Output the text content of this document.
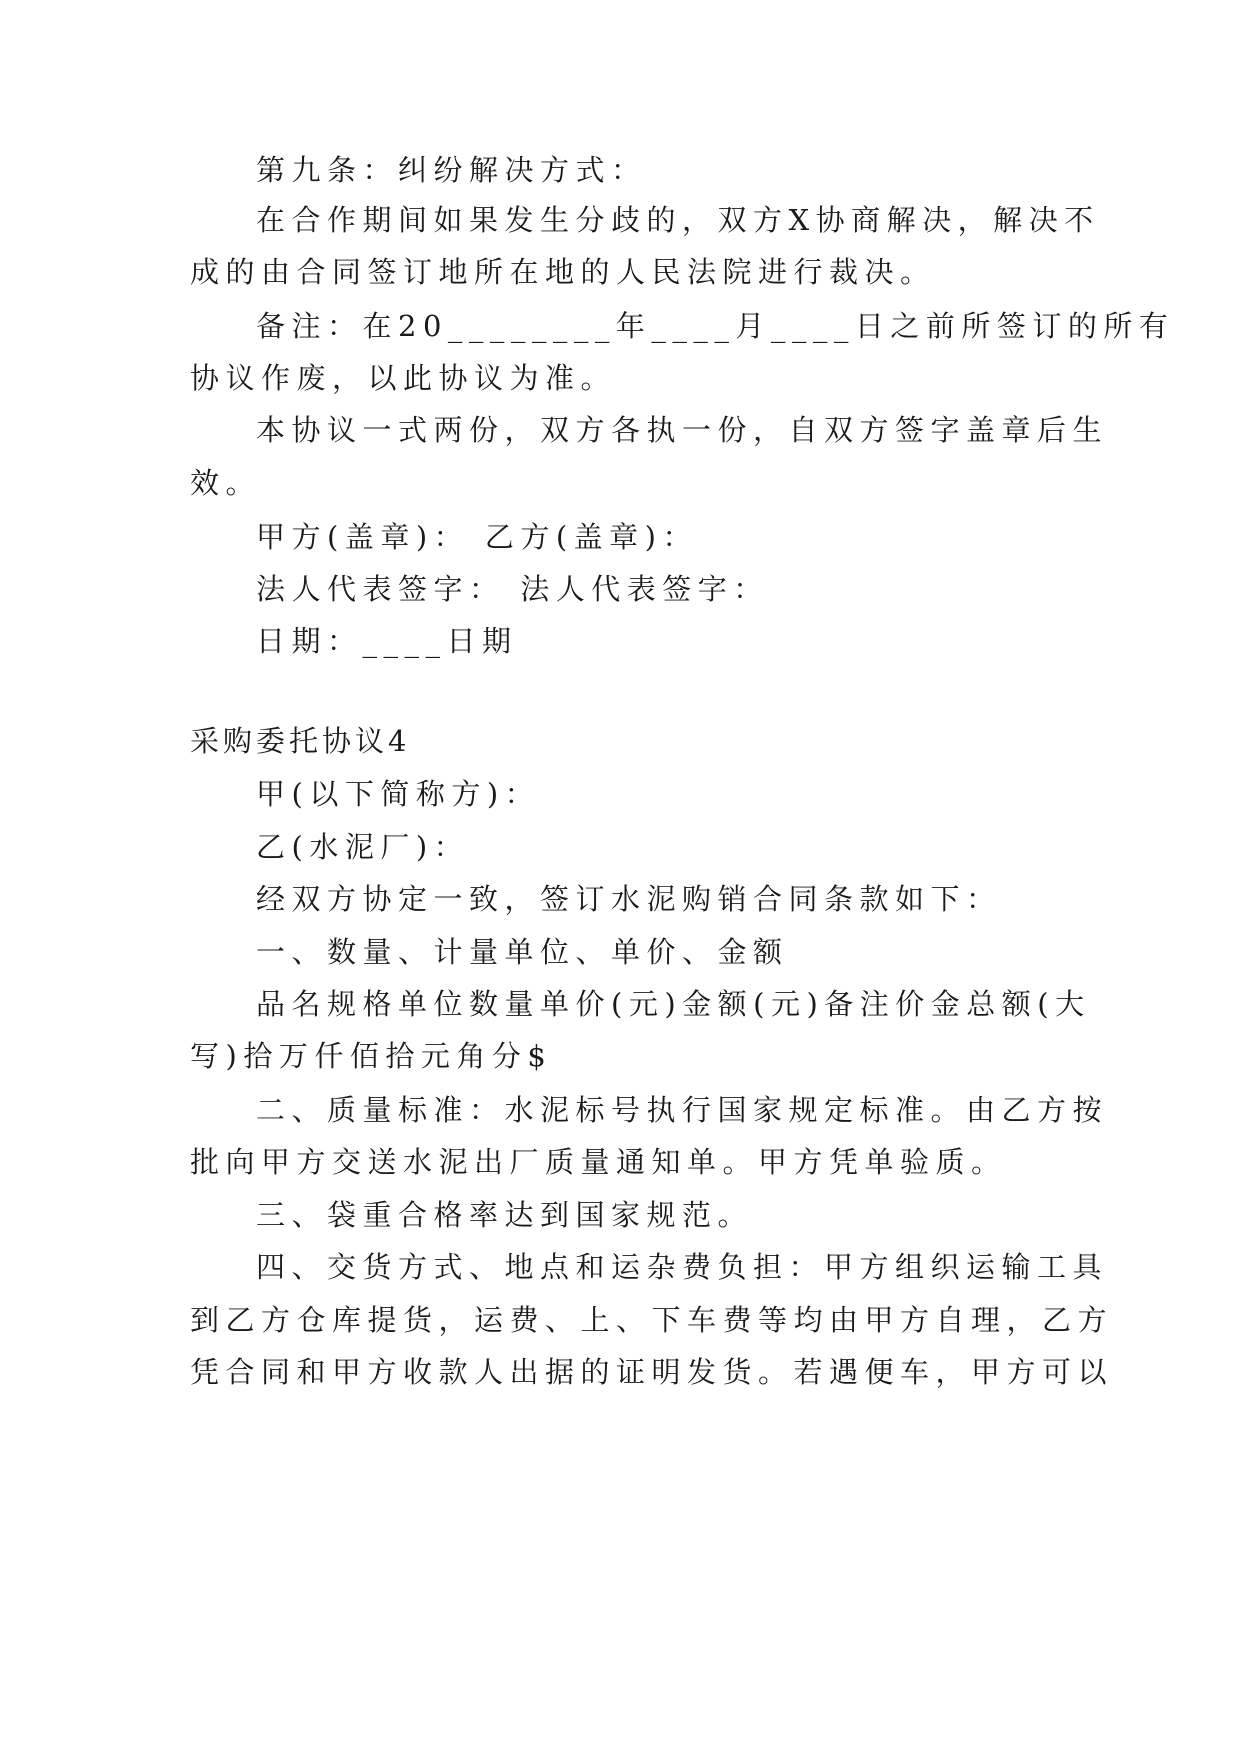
第九条：纠纷解决方式：
在合作期间如果发生分歧的，双方X协商解决，解决不
成的由合同签订地所在地的人民法院进行裁决。
备注：在20________年____月____日之前所签订的所有
协议作废，以此协议为准。
本协议一式两份，双方各执一份，自双方签字盖章后生
效。
甲方(盖章)： 乙方(盖章)：
法人代表签字： 法人代表签字：
日期：____日期
采购委托协议4
甲(以下简称方)：
乙(水泥厂)：
经双方协定一致，签订水泥购销合同条款如下：
一、数量、计量单位、单价、金额
品名规格单位数量单价(元)金额(元)备注价金总额(大
写)拾万仟佰拾元角分$
二、质量标准：水泥标号执行国家规定标准。由乙方按
批向甲方交送水泥出厂质量通知单。甲方凭单验质。
三、袋重合格率达到国家规范。
四、交货方式、地点和运杂费负担：甲方组织运输工具
到乙方仓库提货，运费、上、下车费等均由甲方自理，乙方
凭合同和甲方收款人出据的证明发货。若遇便车，甲方可以
